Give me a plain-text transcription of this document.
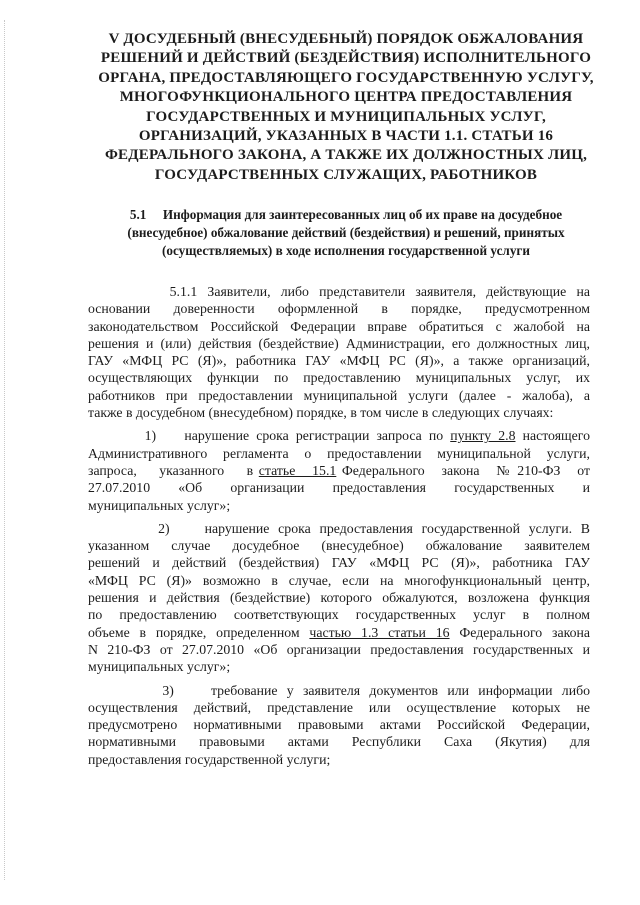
V ДОСУДЕБНЫЙ (ВНЕСУДЕБНЫЙ) ПОРЯДОК ОБЖАЛОВАНИЯ
РЕШЕНИЙ И ДЕЙСТВИЙ (БЕЗДЕЙСТВИЯ) ИСПОЛНИТЕЛЬНОГО
ОРГАНА, ПРЕДОСТАВЛЯЮЩЕГО ГОСУДАРСТВЕННУЮ УСЛУГУ,
МНОГОФУНКЦИОНАЛЬНОГО ЦЕНТРА ПРЕДОСТАВЛЕНИЯ
ГОСУДАРСТВЕННЫХ И МУНИЦИПАЛЬНЫХ УСЛУГ,
ОРГАНИЗАЦИЙ, УКАЗАННЫХ В ЧАСТИ 1.1. СТАТЬИ 16
ФЕДЕРАЛЬНОГО ЗАКОНА, А ТАКЖЕ ИХ ДОЛЖНОСТНЫХ ЛИЦ,
ГОСУДАРСТВЕННЫХ СЛУЖАЩИХ, РАБОТНИКОВ
5.1     Информация для заинтересованных лиц об их праве на досудебное
(внесудебное) обжалование действий (бездействия) и решений, принятых
(осуществляемых) в ходе исполнения государственной услуги
5.1.1 Заявители, либо представители заявителя, действующие на
основании доверенности оформленной в порядке, предусмотренном
законодательством Российской Федерации вправе обратиться с жалобой на
решения и (или) действия (бездействие) Администрации, его должностных лиц,
ГАУ «МФЦ РС (Я)», работника ГАУ «МФЦ РС (Я)», а также организаций,
осуществляющих функции по предоставлению муниципальных услуг, их
работников при предоставлении муниципальной услуги (далее - жалоба), а
также в досудебном (внесудебном) порядке, в том числе в следующих случаях:
1)    нарушение срока регистрации запроса по пункту 2.8 настоящего
Административного регламента о предоставлении муниципальной услуги,
запроса,    указанного    в статье   15.1 Федерального   закона   № 210-ФЗ   от
27.07.2010    «Об    организации    предоставления    государственных    и
муниципальных услуг»;
2)    нарушение срока предоставления государственной услуги. В
указанном случае досудебное (внесудебное) обжалование заявителем
решений и действий (бездействия) ГАУ «МФЦ РС (Я)», работника ГАУ
«МФЦ РС (Я)» возможно в случае, если на многофункциональный центр,
решения и действия (бездействие) которого обжалуются, возложена функция
по предоставлению соответствующих государственных услуг в полном
объеме в порядке, определенном частью 1.3 статьи 16 Федерального закона
N 210-ФЗ от 27.07.2010 «Об организации предоставления государственных и
муниципальных услуг»;
3)    требование у заявителя документов или информации либо
осуществления действий, представление или осуществление которых не
предусмотрено нормативными правовыми актами Российской Федерации,
нормативными    правовыми    актами    Республики    Саха    (Якутия)    для
предоставления государственной услуги;
